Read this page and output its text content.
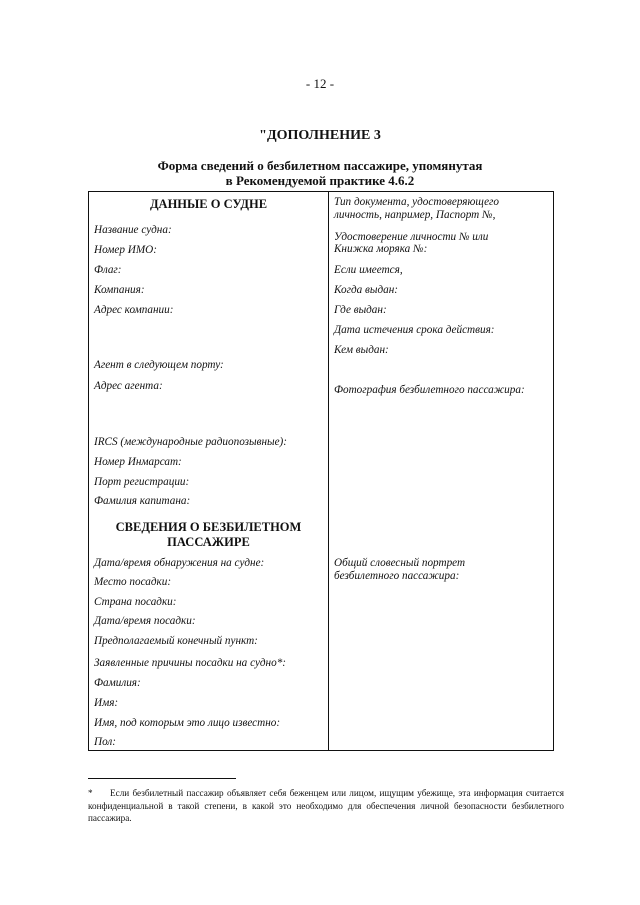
- 12 -
"ДОПОЛНЕНИЕ 3
Форма сведений о безбилетном пассажире, упомянутая
в Рекомендуемой практике 4.6.2
ДАННЫЕ О СУДНЕ
Название судна:
Номер ИМО:
Флаг:
Компания:
Адрес компании:
Агент в следующем порту:
Адрес агента:
IRCS (международные радиопозывные):
Номер Инмарсат:
Порт регистрации:
Фамилия капитана:
СВЕДЕНИЯ О БЕЗБИЛЕТНОМ
ПАССАЖИРЕ
Дата/время обнаружения на судне:
Место посадки:
Страна посадки:
Дата/время посадки:
Предполагаемый конечный пункт:
Заявленные причины посадки на судно*:
Фамилия:
Имя:
Имя, под которым это лицо известно:
Пол:
Тип документа, удостоверяющего
личность, например, Паспорт №,
Удостоверение личности № или
Книжка моряка №:
Если имеется,
Когда выдан:
Где выдан:
Дата истечения срока действия:
Кем выдан:
Фотография безбилетного пассажира:
Общий словесный портрет
безбилетного пассажира:
* Если безбилетный пассажир объявляет себя беженцем или лицом, ищущим убежище, эта информация считается конфиденциальной в такой степени, в какой это необходимо для обеспечения личной безопасности безбилетного пассажира.
